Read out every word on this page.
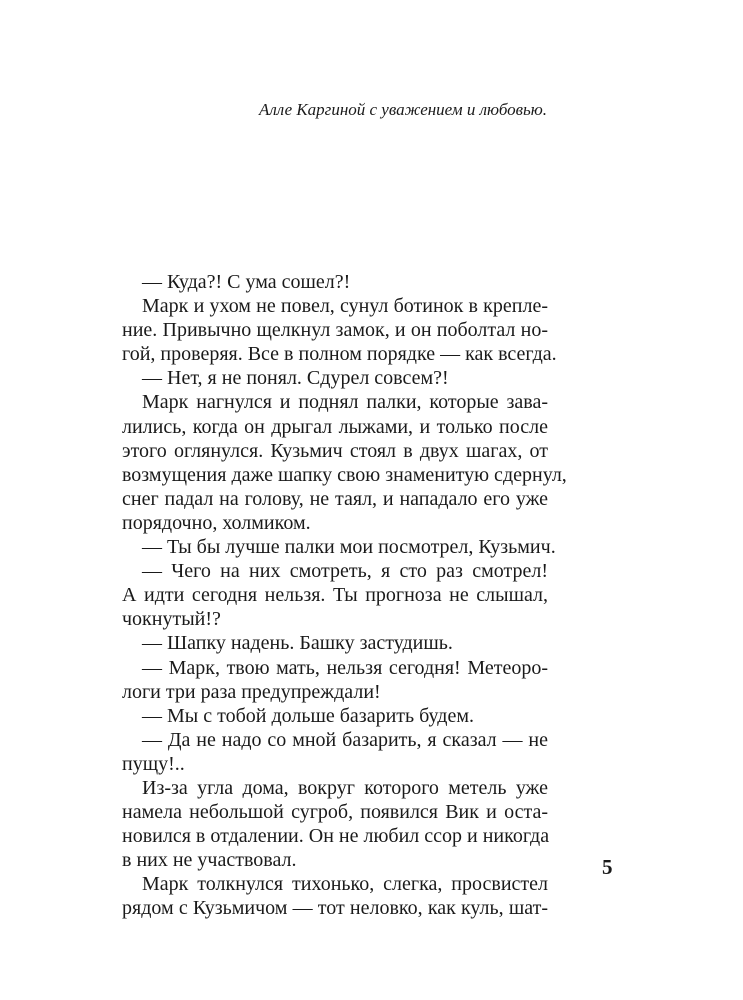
Алле Каргиной с уважением и любовью.
— Куда?! С ума сошел?!
Марк и ухом не повел, сунул ботинок в крепле-
ние. Привычно щелкнул замок, и он поболтал но-
гой, проверяя. Все в полном порядке — как всегда.
— Нет, я не понял. Сдурел совсем?!
Марк нагнулся и поднял палки, которые зава-
лились, когда он дрыгал лыжами, и только после
этого оглянулся. Кузьмич стоял в двух шагах, от
возмущения даже шапку свою знаменитую сдернул,
снег падал на голову, не таял, и нападало его уже
порядочно, холмиком.
— Ты бы лучше палки мои посмотрел, Кузьмич.
— Чего на них смотреть, я сто раз смотрел!
А идти сегодня нельзя. Ты прогноза не слышал,
чокнутый!?
— Шапку надень. Башку застудишь.
— Марк, твою мать, нельзя сегодня! Метеоро-
логи три раза предупреждали!
— Мы с тобой дольше базарить будем.
— Да не надо со мной базарить, я сказал — не
пущу!..
Из-за угла дома, вокруг которого метель уже
намела небольшой сугроб, появился Вик и оста-
новился в отдалении. Он не любил ссор и никогда
в них не участвовал.
Марк толкнулся тихонько, слегка, просвистел
рядом с Кузьмичом — тот неловко, как куль, шат-
5
